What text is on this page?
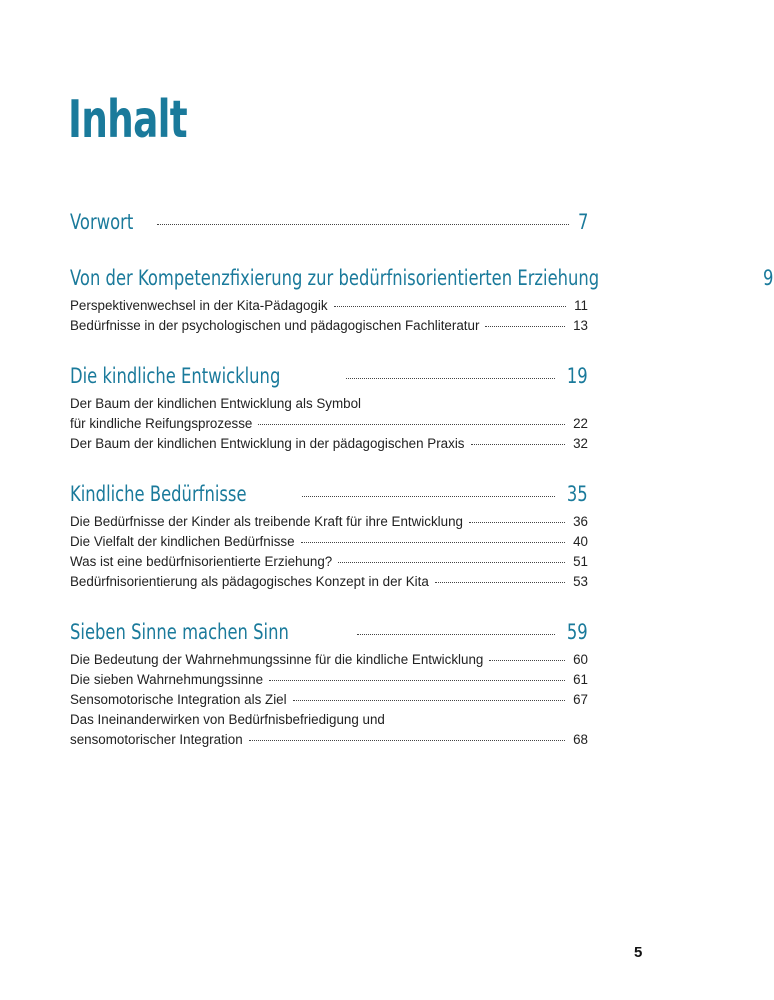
Inhalt
Vorwort	7
Von der Kompetenzfixierung zur bedürfnisorientierten Erziehung	9
Perspektivenwechsel in der Kita-Pädagogik	11
Bedürfnisse in der psychologischen und pädagogischen Fachliteratur	13
Die kindliche Entwicklung	19
Der Baum der kindlichen Entwicklung als Symbol
für kindliche Reifungsprozesse	22
Der Baum der kindlichen Entwicklung in der pädagogischen Praxis	32
Kindliche Bedürfnisse	35
Die Bedürfnisse der Kinder als treibende Kraft für ihre Entwicklung	36
Die Vielfalt der kindlichen Bedürfnisse	40
Was ist eine bedürfnisorientierte Erziehung?	51
Bedürfnisorientierung als pädagogisches Konzept in der Kita	53
Sieben Sinne machen Sinn	59
Die Bedeutung der Wahrnehmungssinne für die kindliche Entwicklung	60
Die sieben Wahrnehmungssinne	61
Sensomotorische Integration als Ziel	67
Das Ineinanderwirken von Bedürfnisbefriedigung und
sensomotorischer Integration	68
5
